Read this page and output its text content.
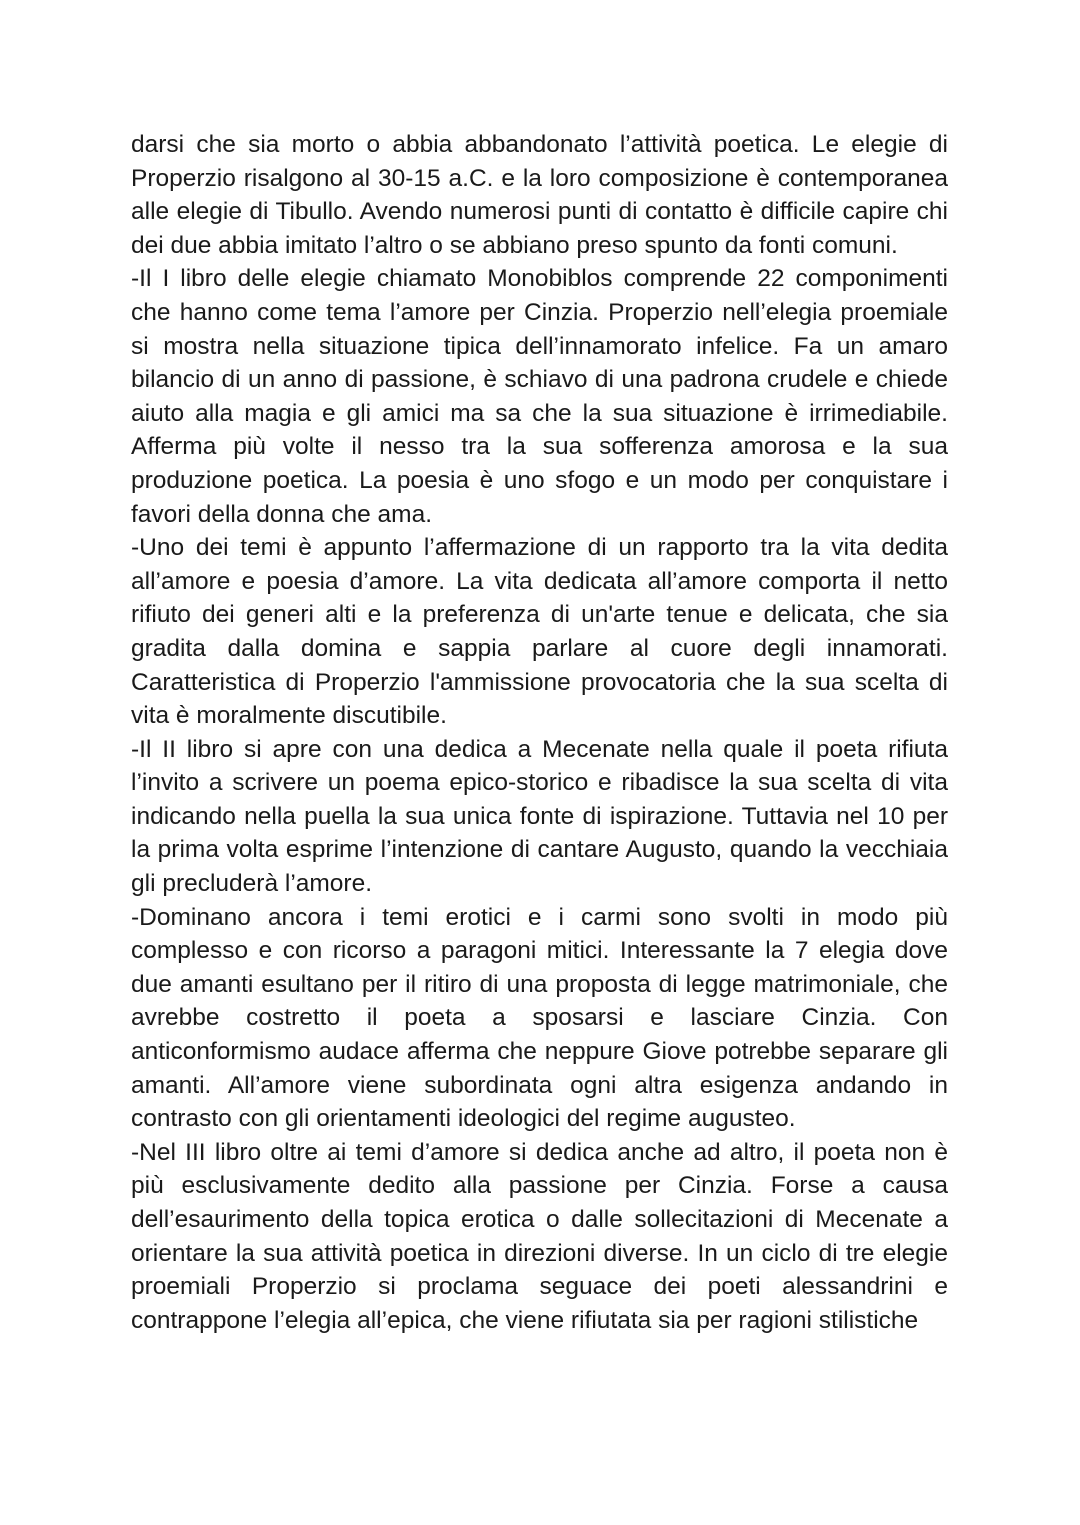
darsi che sia morto o abbia abbandonato l’attività poetica. Le elegie di Properzio risalgono al 30-15 a.C. e la loro composizione è contemporanea alle elegie di Tibullo. Avendo numerosi punti di contatto è difficile capire chi dei due abbia imitato l’altro o se abbiano preso spunto da fonti comuni.

-Il I libro delle elegie chiamato Monobiblos comprende 22 componimenti che hanno come tema l’amore per Cinzia. Properzio nell’elegia proemiale si mostra nella situazione tipica dell’innamorato infelice. Fa un amaro bilancio di un anno di passione, è schiavo di una padrona crudele e chiede aiuto alla magia e gli amici ma sa che la sua situazione è irrimediabile. Afferma più volte il nesso tra la sua sofferenza amorosa e la sua produzione poetica. La poesia è uno sfogo e un modo per conquistare i favori della donna che ama.

-Uno dei temi è appunto l’affermazione di un rapporto tra la vita dedita all’amore e poesia d’amore. La vita dedicata all’amore comporta il netto rifiuto dei generi alti e la preferenza di un'arte tenue e delicata, che sia gradita dalla domina e sappia parlare al cuore degli innamorati. Caratteristica di Properzio l'ammissione provocatoria che la sua scelta di vita è moralmente discutibile.

-Il II libro si apre con una dedica a Mecenate nella quale il poeta rifiuta l’invito a scrivere un poema epico-storico e ribadisce la sua scelta di vita indicando nella puella la sua unica fonte di ispirazione. Tuttavia nel 10 per la prima volta esprime l’intenzione di cantare Augusto, quando la vecchiaia gli precluderà l’amore.

-Dominano ancora i temi erotici e i carmi sono svolti in modo più complesso e con ricorso a paragoni mitici. Interessante la 7 elegia dove due amanti esultano per il ritiro di una proposta di legge matrimoniale, che avrebbe costretto il poeta a sposarsi e lasciare Cinzia. Con anticonformismo audace afferma che neppure Giove potrebbe separare gli amanti. All’amore viene subordinata ogni altra esigenza andando in contrasto con gli orientamenti ideologici del regime augusteo.

-Nel III libro oltre ai temi d’amore si dedica anche ad altro, il poeta non è più esclusivamente dedito alla passione per Cinzia. Forse a causa dell’esaurimento della topica erotica o dalle sollecitazioni di Mecenate a orientare la sua attività poetica in direzioni diverse. In un ciclo di tre elegie proemiali Properzio si proclama seguace dei poeti alessandrini e contrappone l’elegia all’epica, che viene rifiutata sia per ragioni stilistiche
